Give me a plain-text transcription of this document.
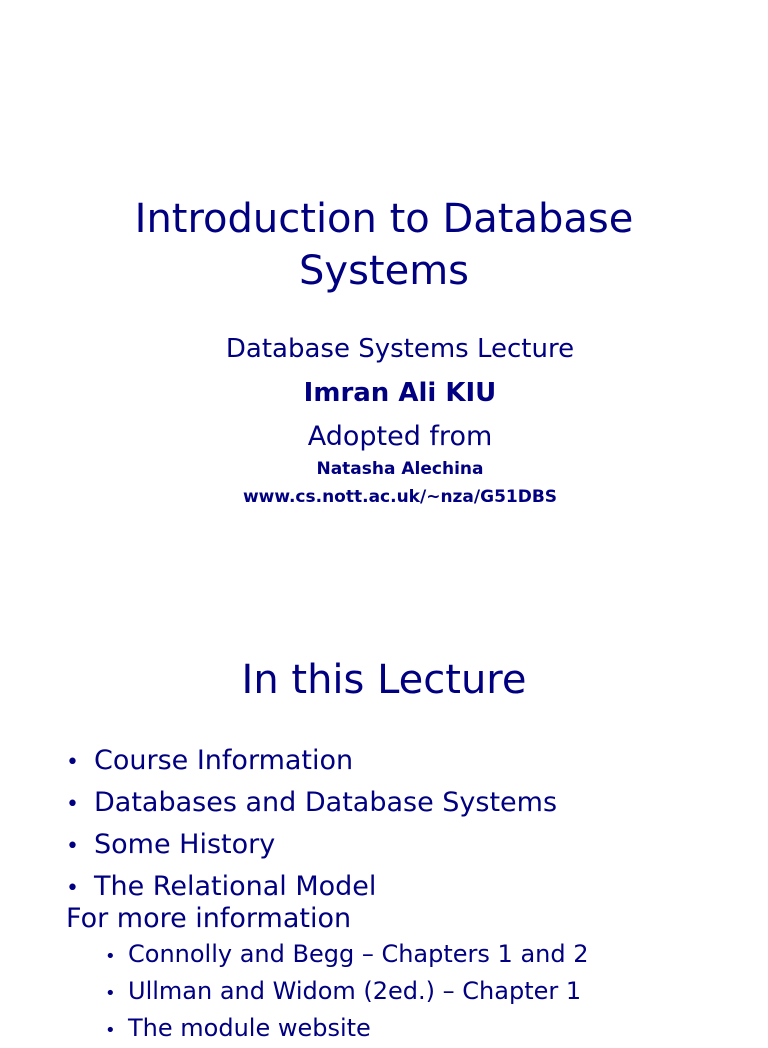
Introduction to Database
Systems

Database Systems Lecture

Imran Ali KIU

Adopted from

Natasha Alechina

www.cs.nott.ac.uk/~nza/G51DBS

In this Lecture
• Course Information
• Databases and Database Systems
• Some History
• The Relational Model

For more information

• Connolly and Begg – Chapters 1 and 2
• Ullman and Widom (2ed.) – Chapter 1
• The module website
